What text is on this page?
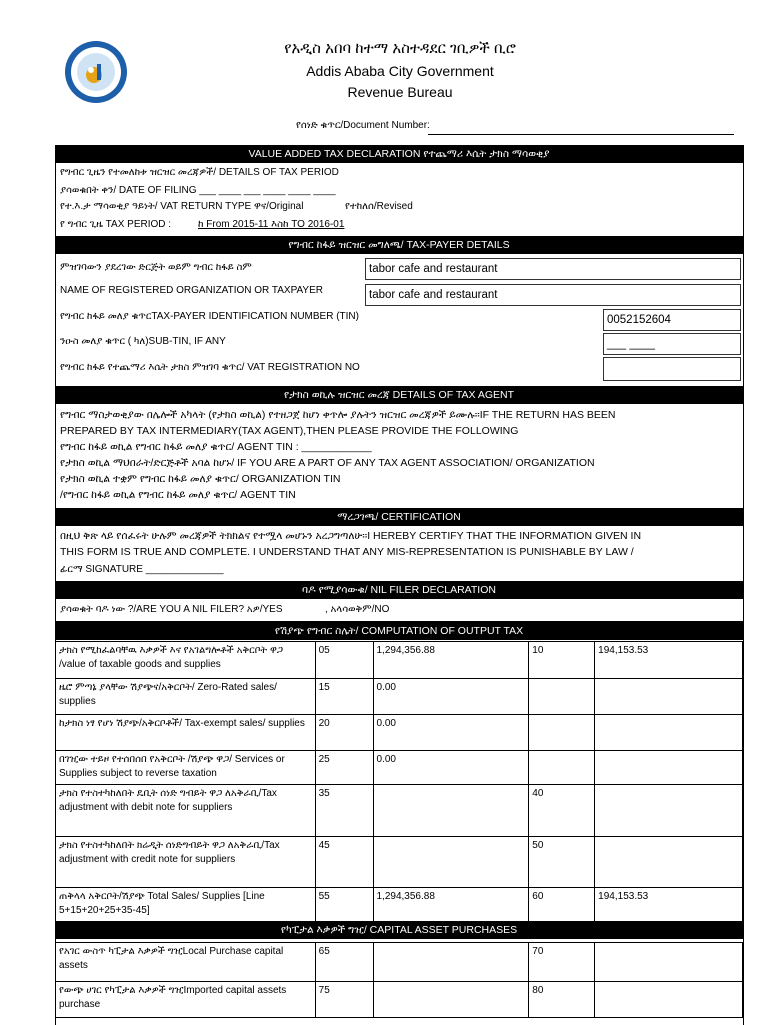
የአዲስ አበባ ከተማ አስተዳደር ገቢዎች ቢሮ
Addis Ababa City Government
Revenue Bureau
የሰነድ ቁጥር/Document Number:
VALUE ADDED TAX DECLARATION የተጨማሪ እሴት ታክስ ማሳወቂያ
የግብር ጊዜን የተመለከቱ ዝርዝር መረጃዎች/ DETAILS OF TAX PERIOD
ያሳወቁበት ቀን/ DATE OF FILING ___ ____ ___ ____ ____ ____
የተ.እ.ታ ማሳወቂያ ዓይነት/ VAT RETURN TYPE ዋና/Original	የተከለሰ/Revised
የ ግብር ጊዜ TAX PERIOD :	ከ From 2015-11 እስከ TO 2016-01
የግብር ከፋይ ዝርዝር መግለጫ/ TAX-PAYER DETAILS
ምዝገባውን ያደረገው ድርጅት ወይም ግብር ከፋይ ስም	tabor cafe and restaurant
NAME OF REGISTERED ORGANIZATION OR TAXPAYER	tabor cafe and restaurant
የግብር ከፋይ መለያ ቁጥርTAX-PAYER IDENTIFICATION NUMBER (TIN)	0052152604
ንዑስ መለያ ቁጥር ( ካለ)SUB-TIN, IF ANY	___ ____
የግብር ከፋይ የተጨማሪ እሴት ታክስ ምዝገባ ቁጥር/ VAT REGISTRATION NO
የታክስ ወኪሉ ዝርዝር መረጃ DETAILS OF TAX AGENT
የግብር ማስታወቂያው በሌሎች አካላት (የታክስ ወኪል) የተዘጋጀ ከሆነ ቀጥሎ ያሉትን ዝርዝር መረጃዎች ይሙሉ፡፡IF THE RETURN HAS BEEN
PREPARED BY TAX INTERMEDIARY(TAX AGENT),THEN PLEASE PROVIDE THE FOLLOWING
የግብር ከፋይ ወኪል የግብር ከፋይ መለያ ቁጥር/ AGENT TIN : ____________
የታክስ ወኪል ማህበራት/ድርጅቶች አባል ከሆኑ/ IF YOU ARE A PART OF ANY TAX AGENT ASSOCIATION/ ORGANIZATION
የታክስ ወኪል ተቋም የግብር ከፋይ መለያ ቁጥር/ ORGANIZATION TIN
/የግብር ከፋይ ወኪል የግብር ከፋይ መለያ ቁጥር/ AGENT TIN
ማረጋገጫ/ CERTIFICATION
በዚህ ቅጽ ላይ የሰፈሩት ሁሉም መረጃዎች ትክክልና የተሟላ መሆኑን አረጋግጣለሁ፡፡I HEREBY CERTIFY THAT THE INFORMATION GIVEN IN
THIS FORM IS TRUE AND COMPLETE. I UNDERSTAND THAT ANY MIS-REPRESENTATION IS PUNISHABLE BY LAW /
ፊርማ SIGNATURE ______________
ባዶ የሚያሳውቁ/ NIL FILER DECLARATION
ያሳወቁት ባዶ ነው ?/ARE YOU A NIL FILER? አዎ/YES	, አላሳወቅም/NO
የሽያጭ የግብር ስሌት/ COMPUTATION OF OUTPUT TAX
ታክስ የሚከፈልባቸዉ እቃዎች እና የአገልግሎቶች አቅርቦት ዋጋ /value of taxable goods and supplies	05	1,294,356.88	10	194,153.53
ዜሮ ምጣኔ ያላቸው ሽያጭና/አቅርቦት/ Zero-Rated sales/ supplies	15	0.00		
ከታክስ ነፃ የሆነ ሽያጭ/አቅርቦቶች/ Tax-exempt sales/ supplies	20	0.00		
በገዢው ተይዞ የተሰበሰበ የአቅርቦት /ሽያጭ ዋጋ/ Services or Supplies subject to reverse taxation	25	0.00		
ታክስ የተስተካከለበት ዴቢት ሰነድ ግብይት ዋጋ ለአቅራቢ/Tax adjustment with debit note for suppliers	35		40	
ታክስ የተስተካከለበት ክሬዲት ሰነድግብይት ዋጋ ለአቅራቢ/Tax adjustment with credit note for suppliers	45		50	
ጠቅላላ አቅርቦት/ሽያጭ Total Sales/ Supplies [Line 5+15+20+25+35-45]	55	1,294,356.88	60	194,153.53
የካፒታል እቃዎች ግዢ/ CAPITAL ASSET PURCHASES
የአገር ውስጥ ካፒታል እቃዎች ግዢLocal Purchase capital assets	65		70	
የውጭ ሀገር የካፒታል እቃዎች ግዢImported capital assets purchase	75		80	
